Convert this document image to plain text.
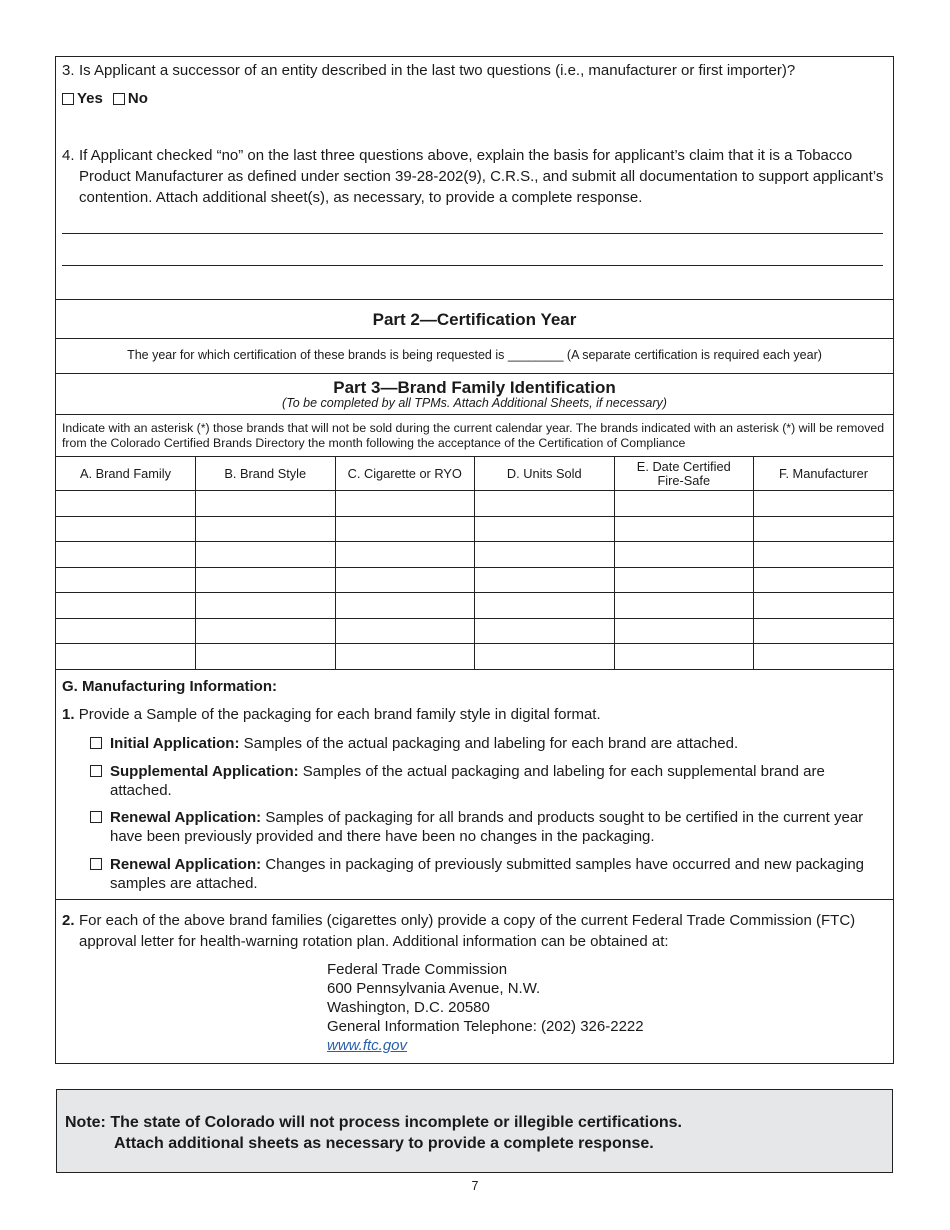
3. Is Applicant a successor of an entity described in the last two questions (i.e., manufacturer or first importer)?
Yes No
4. If Applicant checked “no” on the last three questions above, explain the basis for applicant’s claim that it is a Tobacco Product Manufacturer as defined under section 39-28-202(9), C.R.S., and submit all documentation to support applicant’s contention. Attach additional sheet(s), as necessary, to provide a complete response.
Part 2—Certification Year
The year for which certification of these brands is being requested is ________ (A separate certification is required each year)
Part 3—Brand Family Identification
(To be completed by all TPMs. Attach Additional Sheets, if necessary)
Indicate with an asterisk (*) those brands that will not be sold during the current calendar year. The brands indicated with an asterisk (*) will be removed from the Colorado Certified Brands Directory the month following the acceptance of the Certification of Compliance
A. Brand Family	B. Brand Style	C. Cigarette or RYO	D. Units Sold	E. Date Certified Fire-Safe	F. Manufacturer

G. Manufacturing Information:
1. Provide a Sample of the packaging for each brand family style in digital format.
Initial Application: Samples of the actual packaging and labeling for each brand are attached.
Supplemental Application: Samples of the actual packaging and labeling for each supplemental brand are attached.
Renewal Application: Samples of packaging for all brands and products sought to be certified in the current year have been previously provided and there have been no changes in the packaging.
Renewal Application: Changes in packaging of previously submitted samples have occurred and new packaging samples are attached.
2. For each of the above brand families (cigarettes only) provide a copy of the current Federal Trade Commission (FTC) approval letter for health-warning rotation plan. Additional information can be obtained at:
Federal Trade Commission
600 Pennsylvania Avenue, N.W.
Washington, D.C. 20580
General Information Telephone: (202) 326-2222
www.ftc.gov
Note: The state of Colorado will not process incomplete or illegible certifications.
Attach additional sheets as necessary to provide a complete response.
7
